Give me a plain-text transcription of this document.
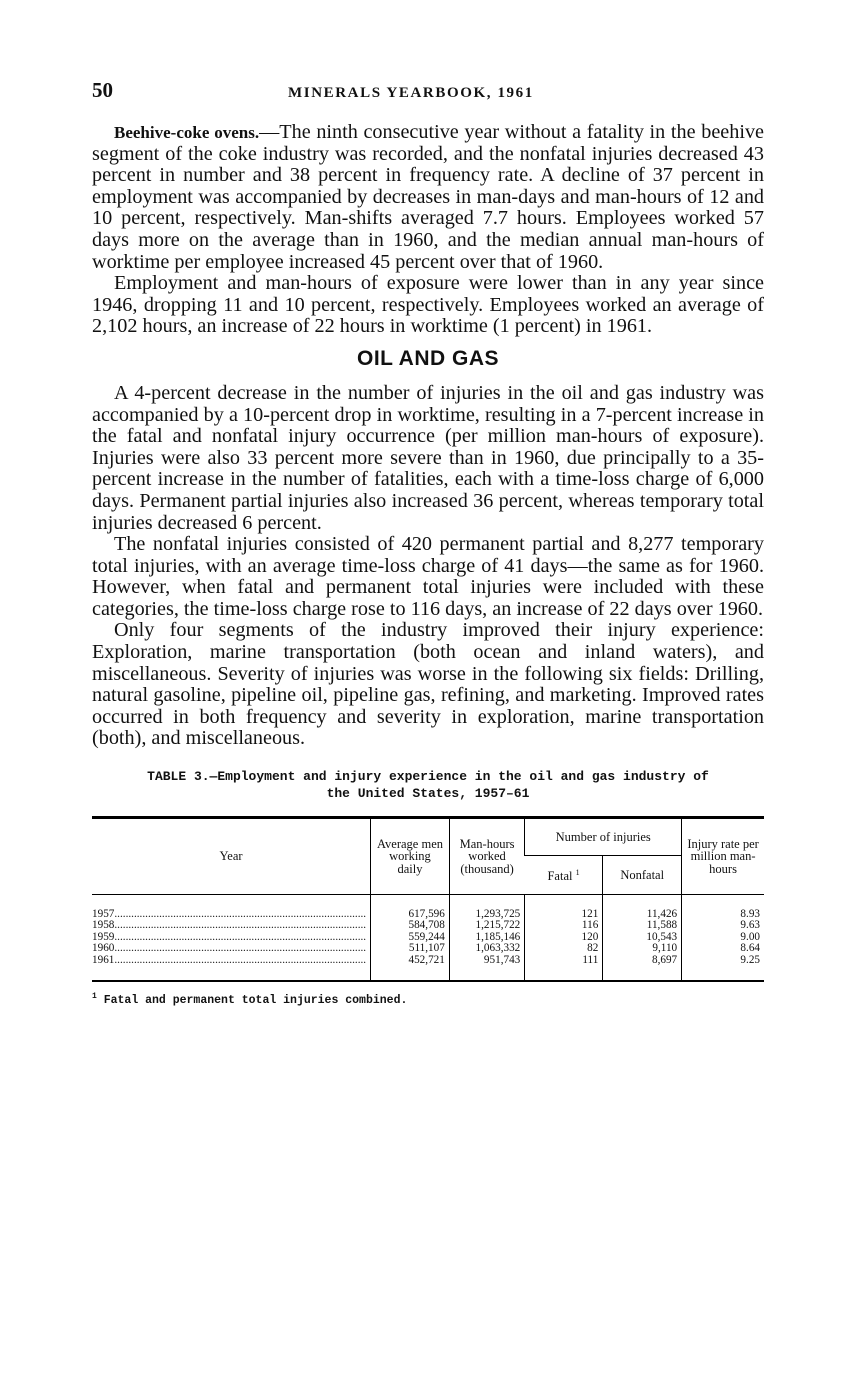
50	MINERALS YEARBOOK, 1961

Beehive-coke ovens.—The ninth consecutive year without a fatality in the beehive segment of the coke industry was recorded, and the nonfatal injuries decreased 43 percent in number and 38 percent in frequency rate. A decline of 37 percent in employment was accompanied by decreases in man-days and man-hours of 12 and 10 percent, respectively. Man-shifts averaged 7.7 hours. Employees worked 57 days more on the average than in 1960, and the median annual man-hours of worktime per employee increased 45 percent over that of 1960.

Employment and man-hours of exposure were lower than in any year since 1946, dropping 11 and 10 percent, respectively. Employees worked an average of 2,102 hours, an increase of 22 hours in worktime (1 percent) in 1961.

OIL AND GAS

A 4-percent decrease in the number of injuries in the oil and gas industry was accompanied by a 10-percent drop in worktime, resulting in a 7-percent increase in the fatal and nonfatal injury occurrence (per million man-hours of exposure). Injuries were also 33 percent more severe than in 1960, due principally to a 35-percent increase in the number of fatalities, each with a time-loss charge of 6,000 days. Permanent partial injuries also increased 36 percent, whereas temporary total injuries decreased 6 percent.

The nonfatal injuries consisted of 420 permanent partial and 8,277 temporary total injuries, with an average time-loss charge of 41 days—the same as for 1960. However, when fatal and permanent total injuries were included with these categories, the time-loss charge rose to 116 days, an increase of 22 days over 1960.

Only four segments of the industry improved their injury experience: Exploration, marine transportation (both ocean and inland waters), and miscellaneous. Severity of injuries was worse in the following six fields: Drilling, natural gasoline, pipeline oil, pipeline gas, refining, and marketing. Improved rates occurred in both frequency and severity in exploration, marine transportation (both), and miscellaneous.

TABLE 3.—Employment and injury experience in the oil and gas industry of
the United States, 1957–61
Year	Average men working daily	Man-hours worked (thousand)	Number of injuries		Injury rate per million man-hours
			Fatal $^1$	Nonfatal	
1957..........................................................................................	617,596	1,293,725	121	11,426	8.93
1958..........................................................................................	584,708	1,215,722	116	11,588	9.63
1959..........................................................................................	559,244	1,185,146	120	10,543	9.00
1960..........................................................................................	511,107	1,063,332	82	9,110	8.64
1961..........................................................................................	452,721	951,743	111	8,697	9.25
$^1$ Fatal and permanent total injuries combined.
